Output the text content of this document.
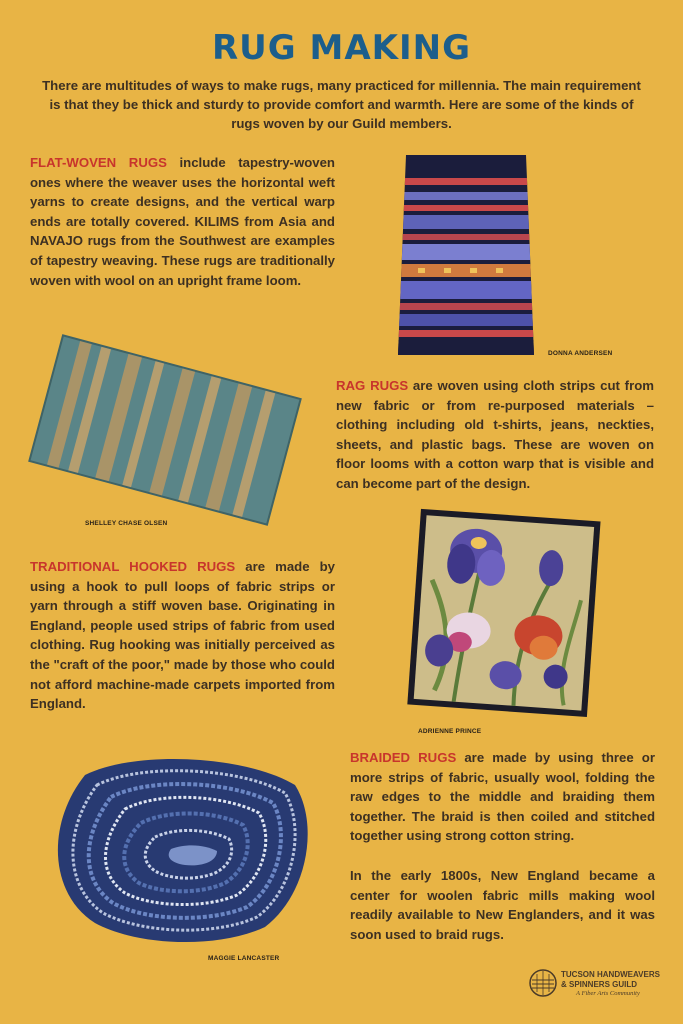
RUG MAKING

There are multitudes of ways to make rugs, many practiced for millennia. The main requirement is that they be thick and sturdy to provide comfort and warmth. Here are some of the kinds of rugs woven by our Guild members.

FLAT-WOVEN RUGS include tapestry-woven ones where the weaver uses the horizontal weft yarns to create designs, and the vertical warp ends are totally covered. KILIMS from Asia and NAVAJO rugs from the Southwest are examples of tapestry weaving. These rugs are traditionally woven with wool on an upright frame loom.

DONNA ANDERSEN
SHELLEY CHASE OLSEN

RAG RUGS are woven using cloth strips cut from new fabric or from re-purposed materials – clothing including old t-shirts, jeans, neckties, sheets, and plastic bags. These are woven on floor looms with a cotton warp that is visible and can become part of the design.

TRADITIONAL HOOKED RUGS are made by using a hook to pull loops of fabric strips or yarn through a stiff woven base. Originating in England, people used strips of fabric from used clothing. Rug hooking was initially perceived as the "craft of the poor," made by those who could not afford machine-made carpets imported from England.

ADRIENNE PRINCE
MAGGIE LANCASTER

BRAIDED RUGS are made by using three or more strips of fabric, usually wool, folding the raw edges to the middle and braiding them together. The braid is then coiled and stitched together using strong cotton string.

In the early 1800s, New England became a center for woolen fabric mills making wool readily available to New Englanders, and it was soon used to braid rugs.

TUCSON HANDWEAVERS
& SPINNERS GUILD
A Fiber Arts Community
